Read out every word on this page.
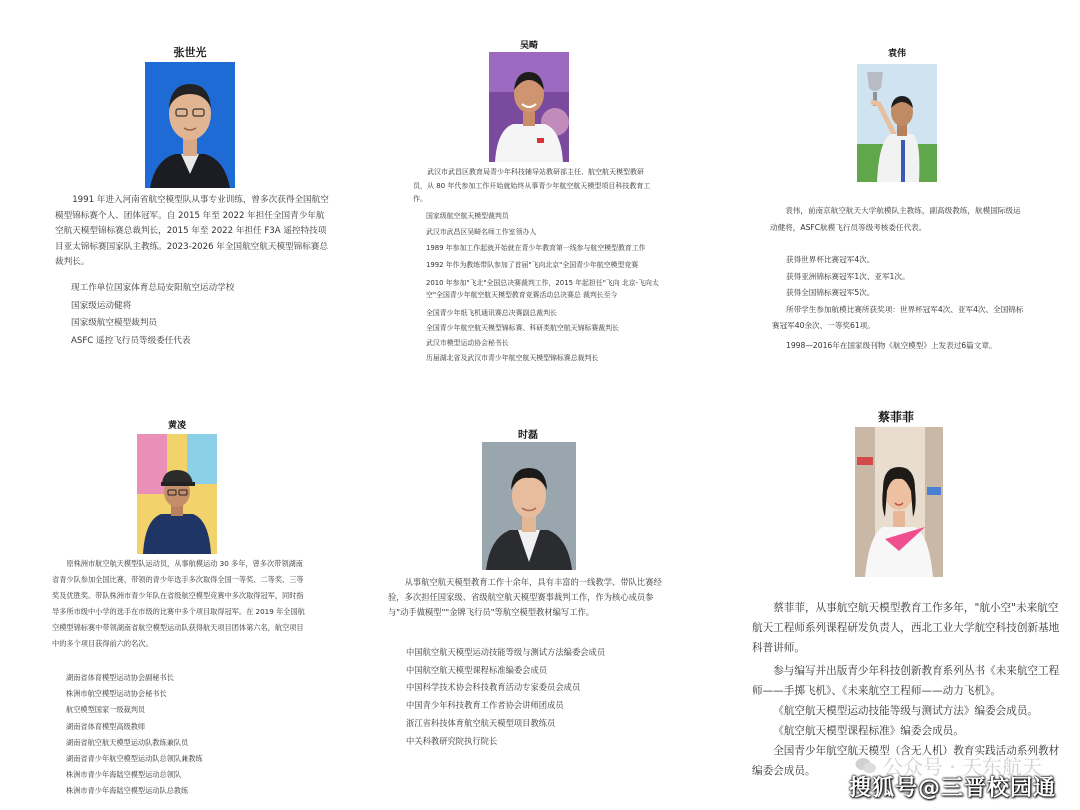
张世光

1991 年进入河南省航空模型队从事专业训练，曾多次获得全国航空模型锦标赛个人、团体冠军。自 2015 年至 2022 年担任全国青少年航空航天模型锦标赛总裁判长，2015 年至 2022 年担任 F3A 遥控特技项目亚太锦标赛国家队主教练。2023-2026 年全国航空航天模型锦标赛总裁判长。

现工作单位国家体育总局安阳航空运动学校
国家级运动健将
国家级航空模型裁判员
ASFC 遥控飞行员等级委任代表
吴畸

武汉市武昌区教育局青少年科技辅导站教研部主任、航空航天模型教研员，从 80 年代参加工作开始就始终从事青少年航空航天模型项目科技教育工作。

国家级航空航天模型裁判员
武汉市武昌区吴畸名师工作室领办人
1989 年参加工作起就开始就在青少年教育第一线参与航空模型教育工作
1992 年作为教练带队参加了首届"飞向北京"全国青少年航空模型竞赛
2010 年参加"飞北"全国总决赛裁判工作，2015 年起担任"飞向 北京-飞向太空"全国青少年航空航天模型教育竞赛活动总决赛总 裁判长至今
全国青少年纸飞机通讯赛总决赛副总裁判长
全国青少年航空航天模型锦标赛、科研类航空航天锦标赛裁判长
武汉市模型运动协会秘书长
历届湖北省及武汉市青少年航空航天模型锦标赛总裁判长
袁伟

袁伟，前南京航空航天大学航模队主教练，副高级教练，航模国际级运动健将，ASFC航模飞行员等级考核委任代表。

获得世界杯比赛冠军4次。
获得亚洲锦标赛冠军1次、亚军1次。
获得全国锦标赛冠军5次。
所带学生参加航模比赛所获奖项：世界杯冠军4次、亚军4次、全国锦标赛冠军40余次、一等奖61项。
1998—2016年在国家级刊物《航空模型》上发表过6篇文章。
黄凌

原株洲市航空航天模型队运动员，从事航模运动 30 多年，曾多次带领湖南省青少队参加全国比赛，带领的青少年选手多次取得全国一等奖、二等奖、三等奖及优胜奖。带队株洲市青少年队在省级航空模型竞赛中多次取得冠军，同时指导多所市级中小学的选手在市级的比赛中多个项目取得冠军。在 2019 年全国航空模型锦标赛中带领湖南省航空模型运动队获得航天项目团体第六名，航空项目中的多个项目获得前六的名次。

湖南省体育模型运动协会副秘书长
株洲市航空模型运动协会秘书长
航空模型国家一级裁判员
湖南省体育模型高级教师
湖南省航空航天模型运动队教练兼队员
湖南省青少年航空模型运动队总领队兼教练
株洲市青少年海陆空模型运动总领队
株洲市青少年海陆空模型运动队总教练
时磊

从事航空航天模型教育工作十余年，具有丰富的一线教学、带队比赛经验，多次担任国家级、省级航空航天模型赛事裁判工作，作为核心成员参与"动手做模型""金牌飞行员"等航空模型教材编写工作。

中国航空航天模型运动技能等级与测试方法编委会成员
中国航空航天模型课程标准编委会成员
中国科学技术协会科技教育活动专家委员会成员
中国青少年科技教育工作者协会讲师团成员
浙江省科技体育航空航天模型项目教练员
中关科教研究院执行院长
蔡菲菲

蔡菲菲，从事航空航天模型教育工作多年，"航小空"未来航空航天工程师系列课程研发负责人，西北工业大学航空科技创新基地科普讲师。

参与编写并出版青少年科技创新教育系列丛书《未来航空工程师——手掷飞机》、《未来航空工程师——动力飞机》。
《航空航天模型运动技能等级与测试方法》编委会成员。
《航空航天模型课程标准》编委会成员。
全国青少年航空航天模型（含无人机）教育实践活动系列教材编委会成员。	公众号 · 天东航天
搜狐号@三晋校园通
